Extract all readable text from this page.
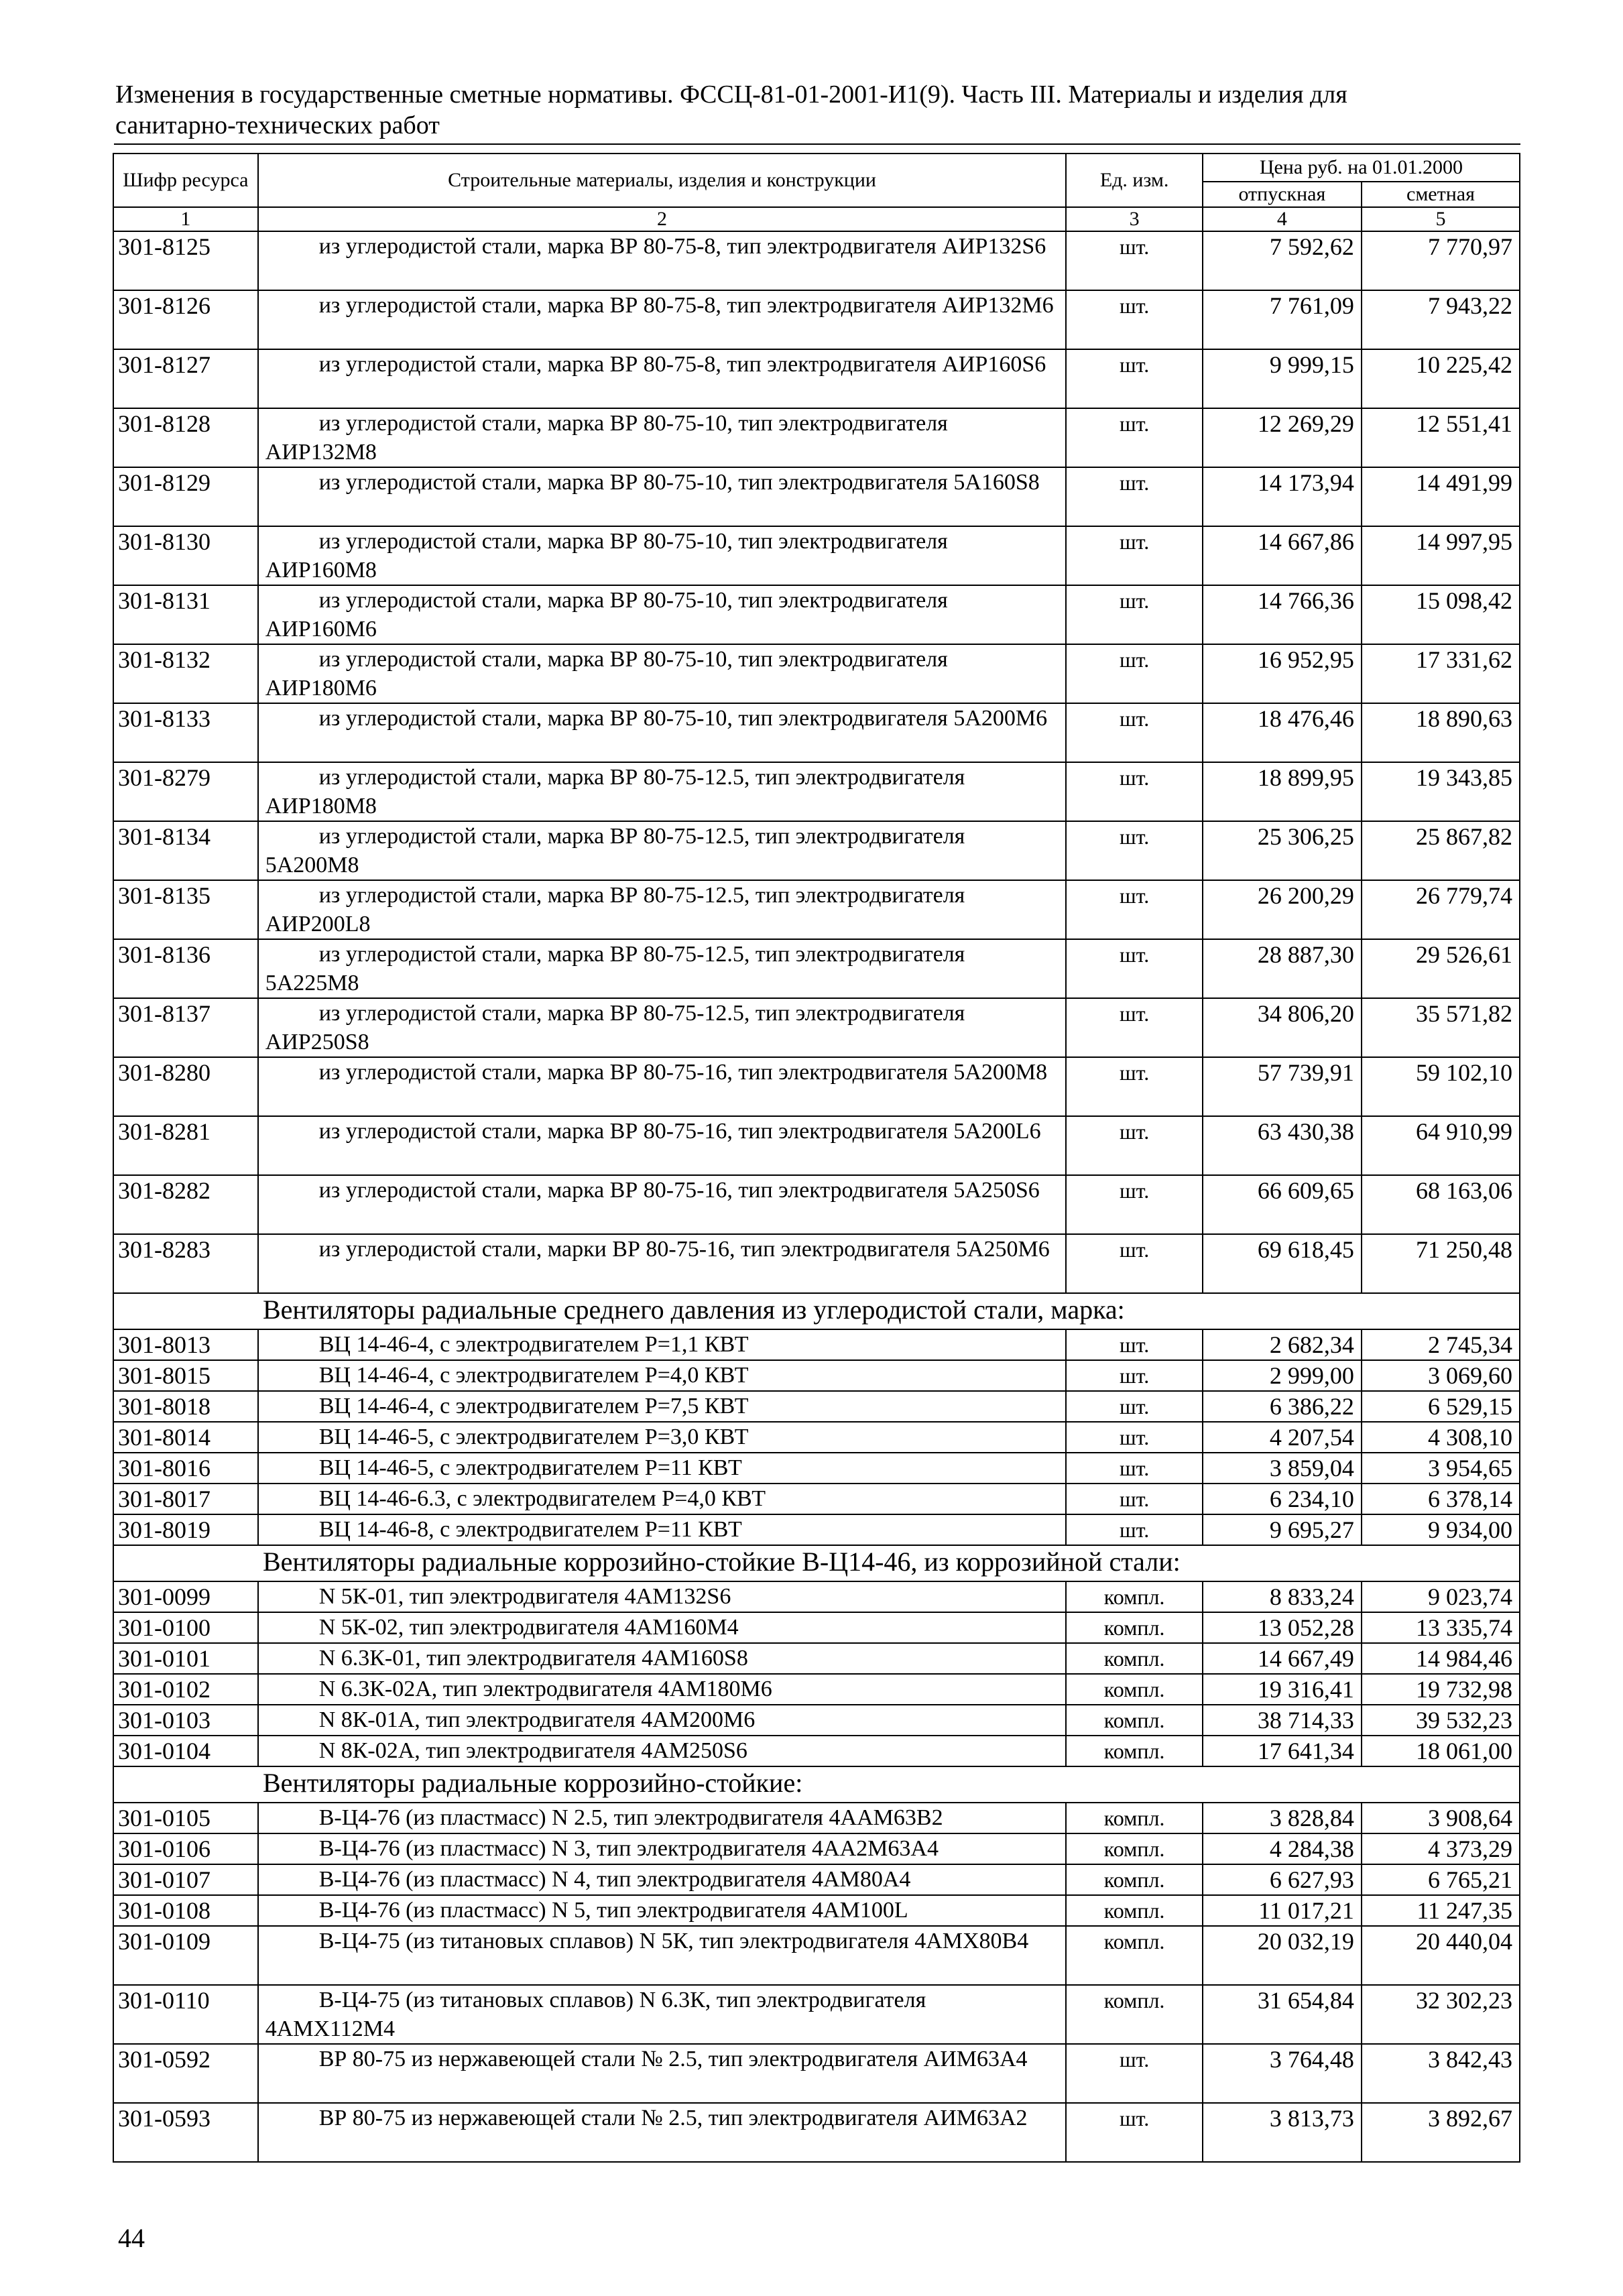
Изменения в государственные сметные нормативы. ФССЦ-81-01-2001-И1(9). Часть III. Материалы и изделия для
санитарно-технических работ
Шифр ресурса	Строительные материалы, изделия и конструкции	Ед. изм.	Цена руб. на 01.01.2000	
			отпускная	сметная
1	2	3	4	5
301-8125	из углеродистой стали, марка ВР 80-75-8, тип электродвигателя АИР132S6	шт.	7 592,62	7 770,97
301-8126	из углеродистой стали, марка ВР 80-75-8, тип электродвигателя АИР132М6	шт.	7 761,09	7 943,22
301-8127	из углеродистой стали, марка ВР 80-75-8, тип электродвигателя АИР160S6	шт.	9 999,15	10 225,42
301-8128	из углеродистой стали, марка ВР 80-75-10, тип электродвигателя АИР132М8	шт.	12 269,29	12 551,41
301-8129	из углеродистой стали, марка ВР 80-75-10, тип электродвигателя 5А160S8	шт.	14 173,94	14 491,99
301-8130	из углеродистой стали, марка ВР 80-75-10, тип электродвигателя АИР160М8	шт.	14 667,86	14 997,95
301-8131	из углеродистой стали, марка ВР 80-75-10, тип электродвигателя АИР160М6	шт.	14 766,36	15 098,42
301-8132	из углеродистой стали, марка ВР 80-75-10, тип электродвигателя АИР180М6	шт.	16 952,95	17 331,62
301-8133	из углеродистой стали, марка ВР 80-75-10, тип электродвигателя 5А200М6	шт.	18 476,46	18 890,63
301-8279	из углеродистой стали, марка ВР 80-75-12.5, тип электродвигателя АИР180М8	шт.	18 899,95	19 343,85
301-8134	из углеродистой стали, марка ВР 80-75-12.5, тип электродвигателя 5А200М8	шт.	25 306,25	25 867,82
301-8135	из углеродистой стали, марка ВР 80-75-12.5, тип электродвигателя АИР200L8	шт.	26 200,29	26 779,74
301-8136	из углеродистой стали, марка ВР 80-75-12.5, тип электродвигателя 5А225М8	шт.	28 887,30	29 526,61
301-8137	из углеродистой стали, марка ВР 80-75-12.5, тип электродвигателя АИР250S8	шт.	34 806,20	35 571,82
301-8280	из углеродистой стали, марка ВР 80-75-16, тип электродвигателя 5А200М8	шт.	57 739,91	59 102,10
301-8281	из углеродистой стали, марка ВР 80-75-16, тип электродвигателя 5А200L6	шт.	63 430,38	64 910,99
301-8282	из углеродистой стали, марка ВР 80-75-16, тип электродвигателя 5А250S6	шт.	66 609,65	68 163,06
301-8283	из углеродистой стали, марки ВР 80-75-16, тип электродвигателя 5А250М6	шт.	69 618,45	71 250,48
Вентиляторы радиальные среднего давления из углеродистой стали, марка:				
301-8013	ВЦ 14-46-4, с электродвигателем Р=1,1 КВТ	шт.	2 682,34	2 745,34
301-8015	ВЦ 14-46-4, с электродвигателем Р=4,0 КВТ	шт.	2 999,00	3 069,60
301-8018	ВЦ 14-46-4, с электродвигателем Р=7,5 КВТ	шт.	6 386,22	6 529,15
301-8014	ВЦ 14-46-5, с электродвигателем Р=3,0 КВТ	шт.	4 207,54	4 308,10
301-8016	ВЦ 14-46-5, с электродвигателем Р=11 КВТ	шт.	3 859,04	3 954,65
301-8017	ВЦ 14-46-6.3, с электродвигателем Р=4,0 КВТ	шт.	6 234,10	6 378,14
301-8019	ВЦ 14-46-8, с электродвигателем Р=11 КВТ	шт.	9 695,27	9 934,00
Вентиляторы радиальные коррозийно-стойкие В-Ц14-46, из коррозийной стали:				
301-0099	N 5К-01, тип электродвигателя 4АМ132S6	компл.	8 833,24	9 023,74
301-0100	N 5К-02, тип электродвигателя 4АМ160М4	компл.	13 052,28	13 335,74
301-0101	N 6.3К-01, тип электродвигателя 4АМ160S8	компл.	14 667,49	14 984,46
301-0102	N 6.3К-02А, тип электродвигателя 4АМ180М6	компл.	19 316,41	19 732,98
301-0103	N 8К-01А, тип электродвигателя 4АМ200М6	компл.	38 714,33	39 532,23
301-0104	N 8К-02А, тип электродвигателя 4АМ250S6	компл.	17 641,34	18 061,00
Вентиляторы радиальные коррозийно-стойкие:				
301-0105	В-Ц4-76 (из пластмасс) N 2.5, тип электродвигателя 4ААМ63В2	компл.	3 828,84	3 908,64
301-0106	В-Ц4-76 (из пластмасс) N 3, тип электродвигателя 4АА2М63А4	компл.	4 284,38	4 373,29
301-0107	В-Ц4-76 (из пластмасс) N 4, тип электродвигателя 4АМ80А4	компл.	6 627,93	6 765,21
301-0108	В-Ц4-76 (из пластмасс) N 5, тип электродвигателя 4АМ100L	компл.	11 017,21	11 247,35
301-0109	В-Ц4-75 (из титановых сплавов) N 5К, тип электродвигателя 4АМХ80В4	компл.	20 032,19	20 440,04
301-0110	В-Ц4-75 (из титановых сплавов) N 6.3К, тип электродвигателя 4АМХ112М4	компл.	31 654,84	32 302,23
301-0592	ВР 80-75 из нержавеющей стали № 2.5, тип электродвигателя АИМ63А4	шт.	3 764,48	3 842,43
301-0593	ВР 80-75 из нержавеющей стали № 2.5, тип электродвигателя АИМ63А2	шт.	3 813,73	3 892,67
44
